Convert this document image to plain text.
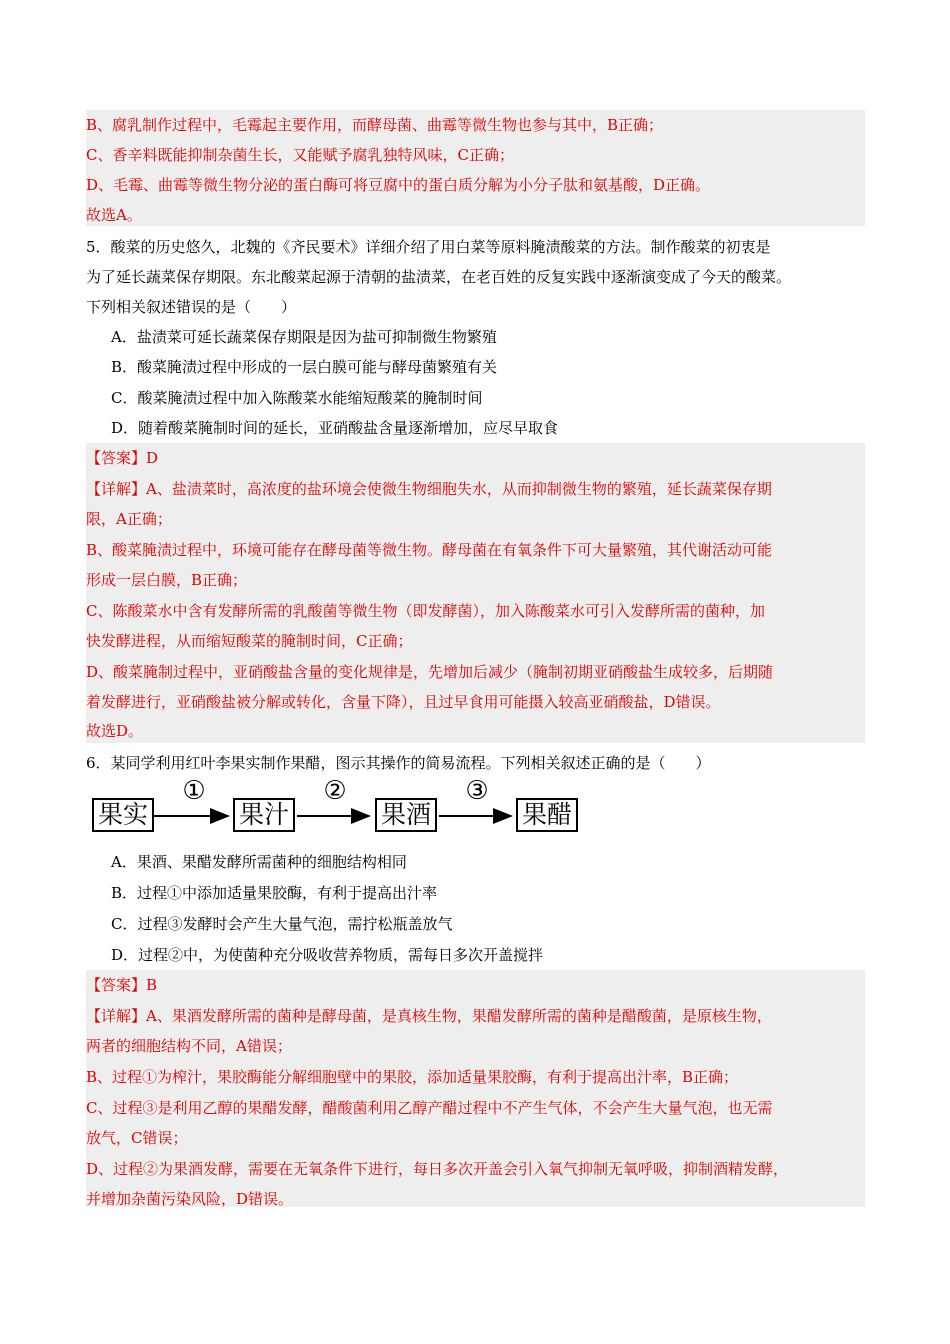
B、腐乳制作过程中，毛霉起主要作用，而酵母菌、曲霉等微生物也参与其中，B正确；
C、香辛料既能抑制杂菌生长，又能赋予腐乳独特风味，C正确；
D、毛霉、曲霉等微生物分泌的蛋白酶可将豆腐中的蛋白质分解为小分子肽和氨基酸，D正确。
故选A。
5．酸菜的历史悠久，北魏的《齐民要术》详细介绍了用白菜等原料腌渍酸菜的方法。制作酸菜的初衷是
为了延长蔬菜保存期限。东北酸菜起源于清朝的盐渍菜，在老百姓的反复实践中逐渐演变成了今天的酸菜。
下列相关叙述错误的是（　　）
A．盐渍菜可延长蔬菜保存期限是因为盐可抑制微生物繁殖
B．酸菜腌渍过程中形成的一层白膜可能与酵母菌繁殖有关
C．酸菜腌渍过程中加入陈酸菜水能缩短酸菜的腌制时间
D．随着酸菜腌制时间的延长，亚硝酸盐含量逐渐增加，应尽早取食
【答案】D
【详解】A、盐渍菜时，高浓度的盐环境会使微生物细胞失水，从而抑制微生物的繁殖，延长蔬菜保存期
限，A正确；
B、酸菜腌渍过程中，环境可能存在酵母菌等微生物。酵母菌在有氧条件下可大量繁殖，其代谢活动可能
形成一层白膜，B正确；
C、陈酸菜水中含有发酵所需的乳酸菌等微生物（即发酵菌），加入陈酸菜水可引入发酵所需的菌种，加
快发酵进程，从而缩短酸菜的腌制时间，C正确；
D、酸菜腌制过程中，亚硝酸盐含量的变化规律是，先增加后减少（腌制初期亚硝酸盐生成较多，后期随
着发酵进行，亚硝酸盐被分解或转化，含量下降），且过早食用可能摄入较高亚硝酸盐，D错误。
故选D。
6．某同学利用红叶李果实制作果醋，图示其操作的简易流程。下列相关叙述正确的是（　　）
果实	果汁	果酒	果醋
①	②	③
A．果酒、果醋发酵所需菌种的细胞结构相同
B．过程①中添加适量果胶酶，有利于提高出汁率
C．过程③发酵时会产生大量气泡，需拧松瓶盖放气
D．过程②中，为使菌种充分吸收营养物质，需每日多次开盖搅拌
【答案】B
【详解】A、果酒发酵所需的菌种是酵母菌，是真核生物，果醋发酵所需的菌种是醋酸菌，是原核生物，
两者的细胞结构不同，A错误；
B、过程①为榨汁，果胶酶能分解细胞壁中的果胶，添加适量果胶酶，有利于提高出汁率，B正确；
C、过程③是利用乙醇的果醋发酵，醋酸菌利用乙醇产醋过程中不产生气体，不会产生大量气泡，也无需
放气，C错误；
D、过程②为果酒发酵，需要在无氧条件下进行，每日多次开盖会引入氧气抑制无氧呼吸，抑制酒精发酵，
并增加杂菌污染风险，D错误。
